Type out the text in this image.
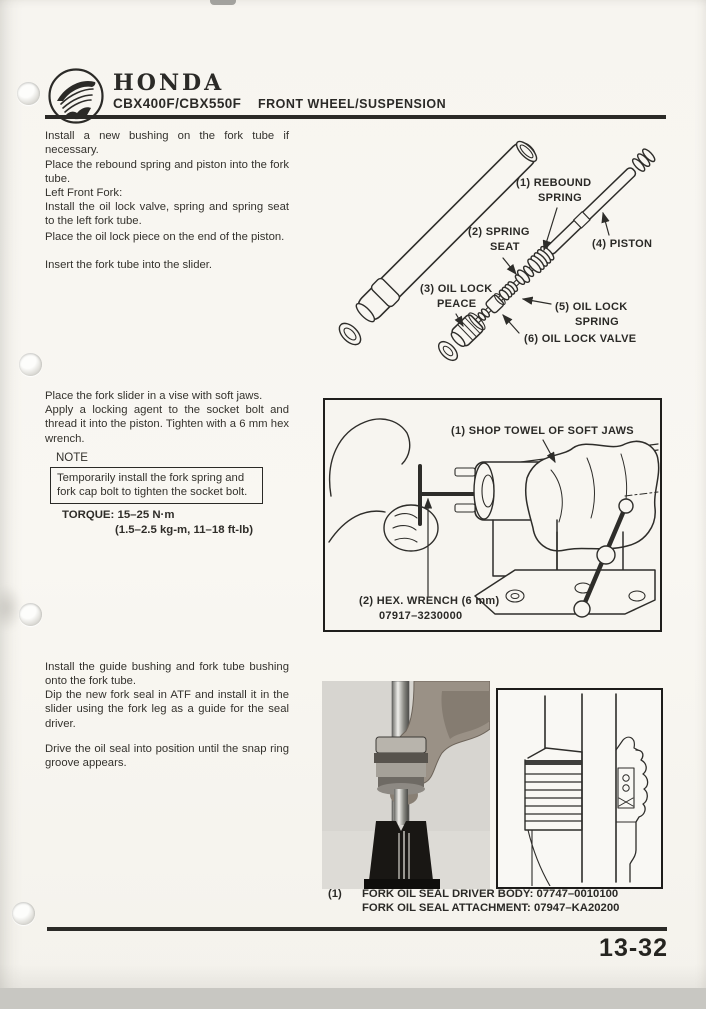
HONDA
CBX400F/CBX550F FRONT WHEEL/SUSPENSION
Install a new bushing on the fork tube if necessary.
Place the rebound spring and piston into the fork tube.
Left Front Fork:
Install the oil lock valve, spring and spring seat to the left fork tube.
Place the oil lock piece on the end of the piston.
Insert the fork tube into the slider.
Place the fork slider in a vise with soft jaws.
Apply a locking agent to the socket bolt and thread it into the piston. Tighten with a 6 mm hex wrench.
NOTE
Temporarily install the fork spring and fork cap bolt to tighten the socket bolt.
TORQUE: 15–25 N·m
(1.5–2.5 kg-m, 11–18 ft-lb)
Install the guide bushing and fork tube bushing onto the fork tube.
Dip the new fork seal in ATF and install it in the slider using the fork leg as a guide for the seal driver.
Drive the oil seal into position until the snap ring groove appears.
(1) REBOUND
SPRING
(2) SPRING
SEAT	(4) PISTON
(3) OIL LOCK
PEACE	(5) OIL LOCK
SPRING
(6) OIL LOCK VALVE
(1) SHOP TOWEL OF SOFT JAWS
(2) HEX. WRENCH (6 mm)
07917–3230000
(1) FORK OIL SEAL DRIVER BODY: 07747–0010100
FORK OIL SEAL ATTACHMENT: 07947–KA20200
13-32
